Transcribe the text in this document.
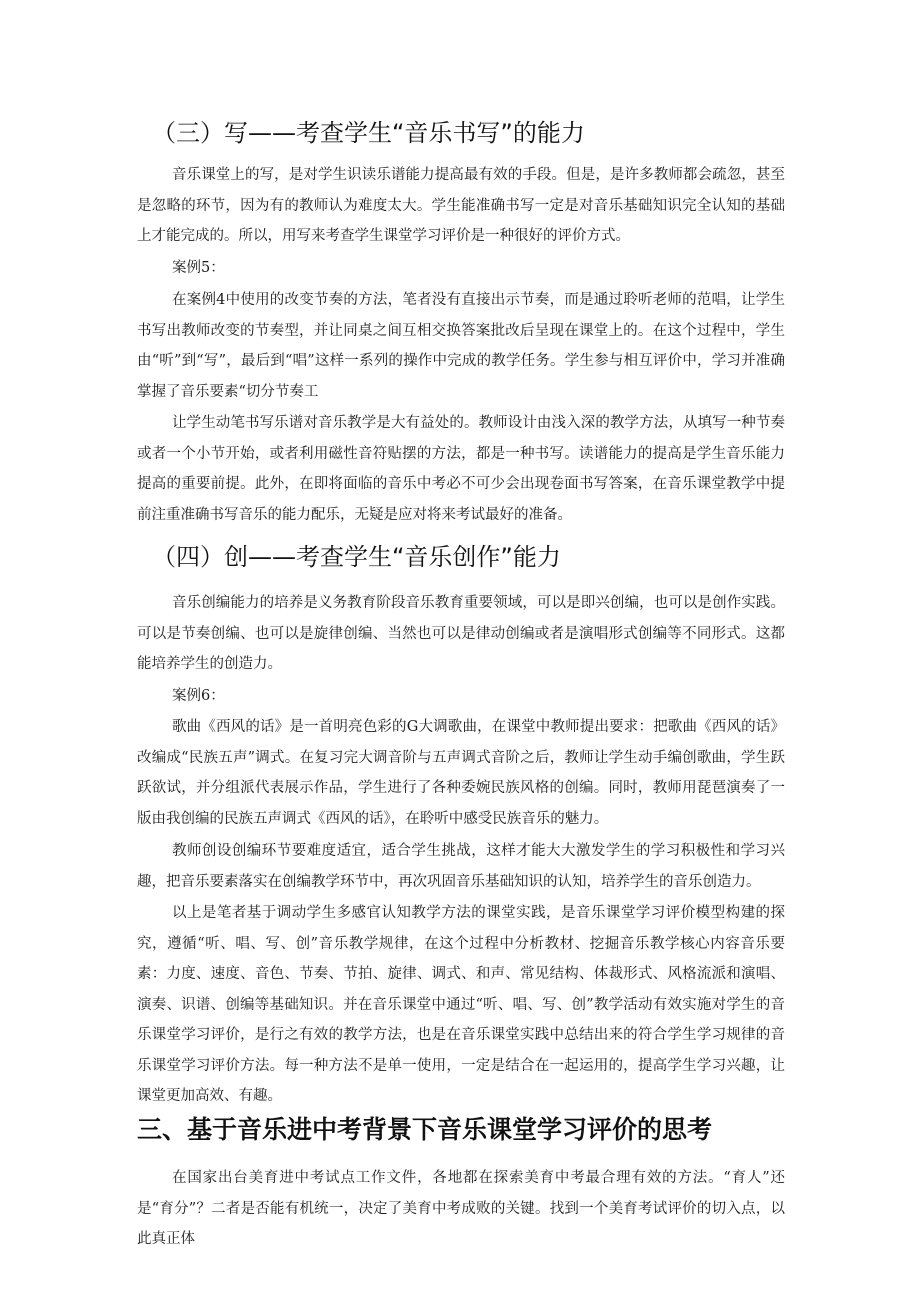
（三）写——考查学生“音乐书写”的能力

音乐课堂上的写，是对学生识读乐谱能力提高最有效的手段。但是，是许多教师都会疏忽，甚至是忽略的环节，因为有的教师认为难度太大。学生能准确书写一定是对音乐基础知识完全认知的基础上才能完成的。所以，用写来考查学生课堂学习评价是一种很好的评价方式。

案例5：

在案例4中使用的改变节奏的方法，笔者没有直接出示节奏，而是通过聆听老师的范唱，让学生书写出教师改变的节奏型，并让同桌之间互相交换答案批改后呈现在课堂上的。在这个过程中，学生由“听”到“写”，最后到“唱”这样一系列的操作中完成的教学任务。学生参与相互评价中，学习并准确掌握了音乐要素“切分节奏工

让学生动笔书写乐谱对音乐教学是大有益处的。教师设计由浅入深的教学方法，从填写一种节奏或者一个小节开始，或者利用磁性音符贴摆的方法，都是一种书写。读谱能力的提高是学生音乐能力提高的重要前提。此外，在即将面临的音乐中考必不可少会出现卷面书写答案，在音乐课堂教学中提前注重准确书写音乐的能力配乐，无疑是应对将来考试最好的准备。

（四）创——考查学生“音乐创作”能力

音乐创编能力的培养是义务教育阶段音乐教育重要领域，可以是即兴创编，也可以是创作实践。可以是节奏创编、也可以是旋律创编、当然也可以是律动创编或者是演唱形式创编等不同形式。这都能培养学生的创造力。

案例6：

歌曲《西风的话》是一首明亮色彩的G大调歌曲，在课堂中教师提出要求：把歌曲《西风的话》改编成“民族五声”调式。在复习完大调音阶与五声调式音阶之后，教师让学生动手编创歌曲，学生跃跃欲试，并分组派代表展示作品，学生进行了各种委婉民族风格的创编。同时，教师用琵琶演奏了一版由我创编的民族五声调式《西风的话》，在聆听中感受民族音乐的魅力。

教师创设创编环节要难度适宜，适合学生挑战，这样才能大大激发学生的学习积极性和学习兴趣，把音乐要素落实在创编教学环节中，再次巩固音乐基础知识的认知，培养学生的音乐创造力。

以上是笔者基于调动学生多感官认知教学方法的课堂实践，是音乐课堂学习评价模型构建的探究，遵循“听、唱、写、创”音乐教学规律，在这个过程中分析教材、挖掘音乐教学核心内容音乐要素：力度、速度、音色、节奏、节拍、旋律、调式、和声、常见结构、体裁形式、风格流派和演唱、演奏、识谱、创编等基础知识。并在音乐课堂中通过“听、唱、写、创”教学活动有效实施对学生的音乐课堂学习评价，是行之有效的教学方法，也是在音乐课堂实践中总结出来的符合学生学习规律的音乐课堂学习评价方法。每一种方法不是单一使用，一定是结合在一起运用的，提高学生学习兴趣，让课堂更加高效、有趣。

三、基于音乐进中考背景下音乐课堂学习评价的思考

在国家出台美育进中考试点工作文件，各地都在探索美育中考最合理有效的方法。“育人”还是“育分”？二者是否能有机统一，决定了美育中考成败的关键。找到一个美育考试评价的切入点，以此真正体
